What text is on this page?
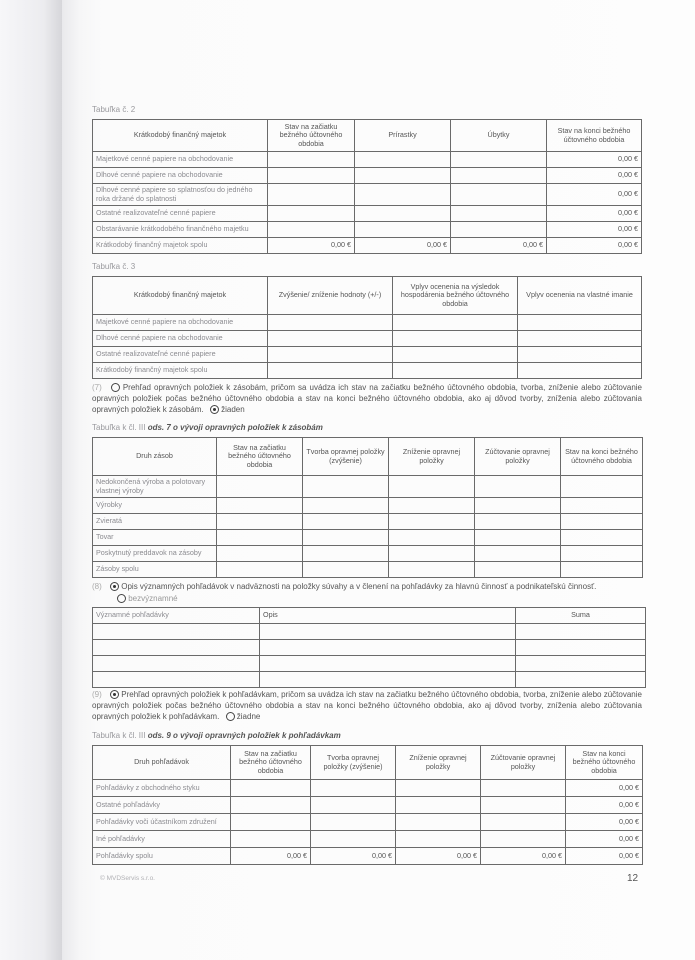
Tabuľka č. 2
Krátkodobý finančný majetok	Stav na začiatku bežného účtovného obdobia	Prírastky	Úbytky	Stav na konci bežného účtovného obdobia
Majetkové cenné papiere na obchodovanie				0,00 €
Dlhové cenné papiere na obchodovanie				0,00 €
Dlhové cenné papiere so splatnosťou do jedného roka držané do splatnosti				0,00 €
Ostatné realizovateľné cenné papiere				0,00 €
Obstarávanie krátkodobého finančného majetku				0,00 €
Krátkodobý finančný majetok spolu	0,00 €	0,00 €	0,00 €	0,00 €
Tabuľka č. 3
Krátkodobý finančný majetok	Zvýšenie/ zníženie hodnoty (+/-)	Vplyv ocenenia na výsledok hospodárenia bežného účtovného obdobia	Vplyv ocenenia na vlastné imanie
Majetkové cenné papiere na obchodovanie			
Dlhové cenné papiere na obchodovanie			
Ostatné realizovateľné cenné papiere			
Krátkodobý finančný majetok spolu			
(7)	Prehľad opravných položiek k zásobám, pričom sa uvádza ich stav na začiatku bežného účtovného obdobia, tvorba, zníženie alebo zúčtovanie opravných položiek počas bežného účtovného obdobia a stav na konci bežného účtovného obdobia, ako aj dôvod tvorby, zníženia alebo zúčtovania opravných položiek k zásobám. žiaden
Tabuľka k čl. III ods. 7 o vývoji opravných položiek k zásobám
Druh zásob	Stav na začiatku bežného účtovného obdobia	Tvorba opravnej položky (zvýšenie)	Zníženie opravnej položky	Zúčtovanie opravnej položky	Stav na konci bežného účtovného obdobia
Nedokončená výroba a polotovary vlastnej výroby					
Výrobky					
Zvieratá					
Tovar					
Poskytnutý preddavok na zásoby					
Zásoby spolu					
(8) Opis významných pohľadávok v nadväznosti na položky súvahy a v členení na pohľadávky za hlavnú činnosť a podnikateľskú činnosť.
bezvýznamné
Významné pohľadávky	Opis	Suma

(9) Prehľad opravných položiek k pohľadávkam, pričom sa uvádza ich stav na začiatku bežného účtovného obdobia, tvorba, zníženie alebo zúčtovanie opravných položiek počas bežného účtovného obdobia a stav na konci bežného účtovného obdobia, ako aj dôvod tvorby, zníženia alebo zúčtovania opravných položiek k pohľadávkam. žiadne
Tabuľka k čl. III ods. 9 o vývoji opravných položiek k pohľadávkam
Druh pohľadávok	Stav na začiatku bežného účtovného obdobia	Tvorba opravnej položky (zvýšenie)	Zníženie opravnej položky	Zúčtovanie opravnej položky	Stav na konci bežného účtovného obdobia
Pohľadávky z obchodného styku					0,00 €
Ostatné pohľadávky					0,00 €
Pohľadávky voči účastníkom združení					0,00 €
Iné pohľadávky					0,00 €
Pohľadávky spolu	0,00 €	0,00 €	0,00 €	0,00 €	0,00 €
© MVDServis s.r.o.	12
